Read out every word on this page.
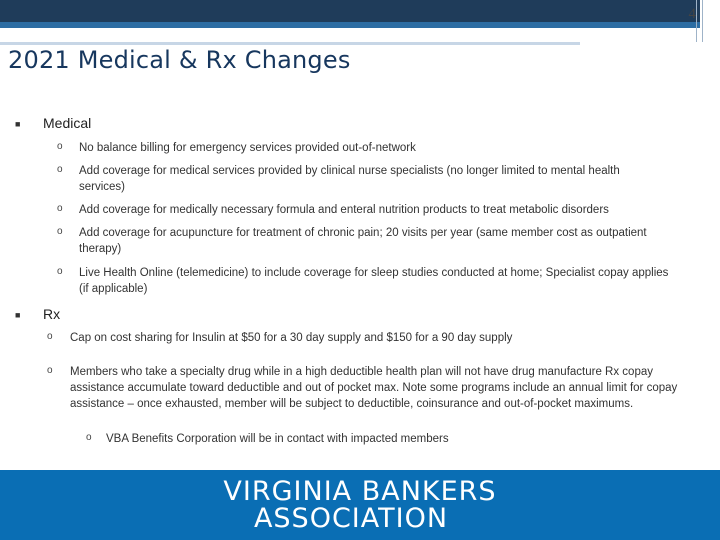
4
2021 Medical & Rx Changes
■ Medical
o No balance billing for emergency services provided out-of-network
o Add coverage for medical services provided by clinical nurse specialists (no longer limited to mental health services)
o Add coverage for medically necessary formula and enteral nutrition products to treat metabolic disorders
o Add coverage for acupuncture for treatment of chronic pain; 20 visits per year (same member cost as outpatient therapy)
o Live Health Online (telemedicine) to include coverage for sleep studies conducted at home; Specialist copay applies (if applicable)
■ Rx
o Cap on cost sharing for Insulin at $50 for a 30 day supply and $150 for a 90 day supply
o Members who take a specialty drug while in a high deductible health plan will not have drug manufacture Rx copay assistance accumulate toward deductible and out of pocket max. Note some programs include an annual limit for copay assistance – once exhausted, member will be subject to deductible, coinsurance and out-of-pocket maximums.
o VBA Benefits Corporation will be in contact with impacted members
VIRGINIA BANKERS
ASSOCIATION
